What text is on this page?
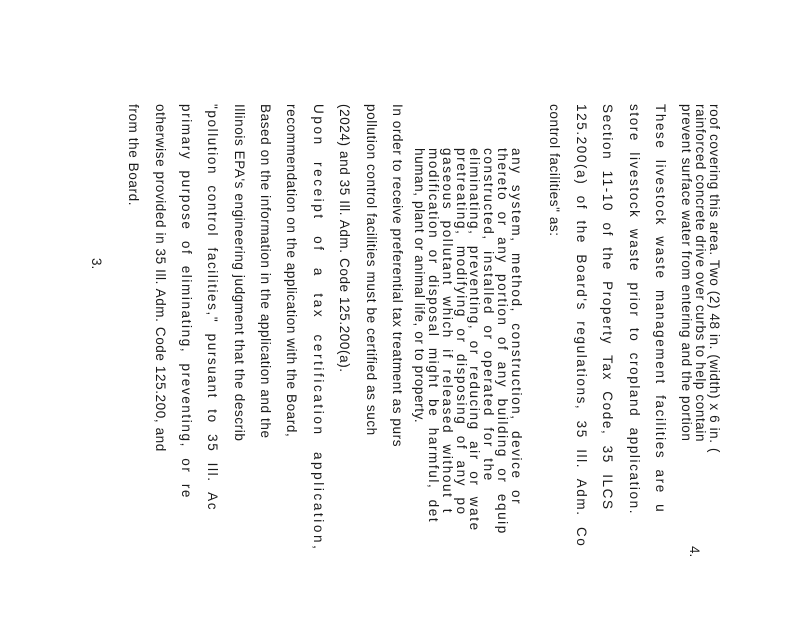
roof covering this area. Two (2) 48 in. (width) x 6 in. (
rainforced concrete drive over curbs to help contain
prevent surface water from entering and the portion
These livestock waste management facilities are u
store livestock waste prior to cropland application.
Section 11-10 of the Property Tax Code, 35 ILCS
125.200(a) of the Board's regulations, 35 Ill. Adm. Co
control facilities" as:
any system, method, construction, device or
thereto or any portion of any building or equip
constructed, installed or operated for the
eliminating, preventing, or reducing air or wate
pretreating, modifying or disposing of any po
gaseous pollutant which if released without t
modification or disposal might be harmful, det
human, plant or animal life, or to property.
In order to receive preferential tax treatment as purs
pollution control facilities must be certified as such
(2024) and 35 Ill. Adm. Code 125.200(a).
Upon receipt of a tax certification application,
recommendation on the application with the Board,
Based on the information in the application and the
Illinois EPA's engineering judgment that the describ
"pollution control facilities," pursuant to 35 Ill. Ac
primary purpose of eliminating, preventing, or re
otherwise provided in 35 Ill. Adm. Code 125.200, and
from the Board.
3.
4.
